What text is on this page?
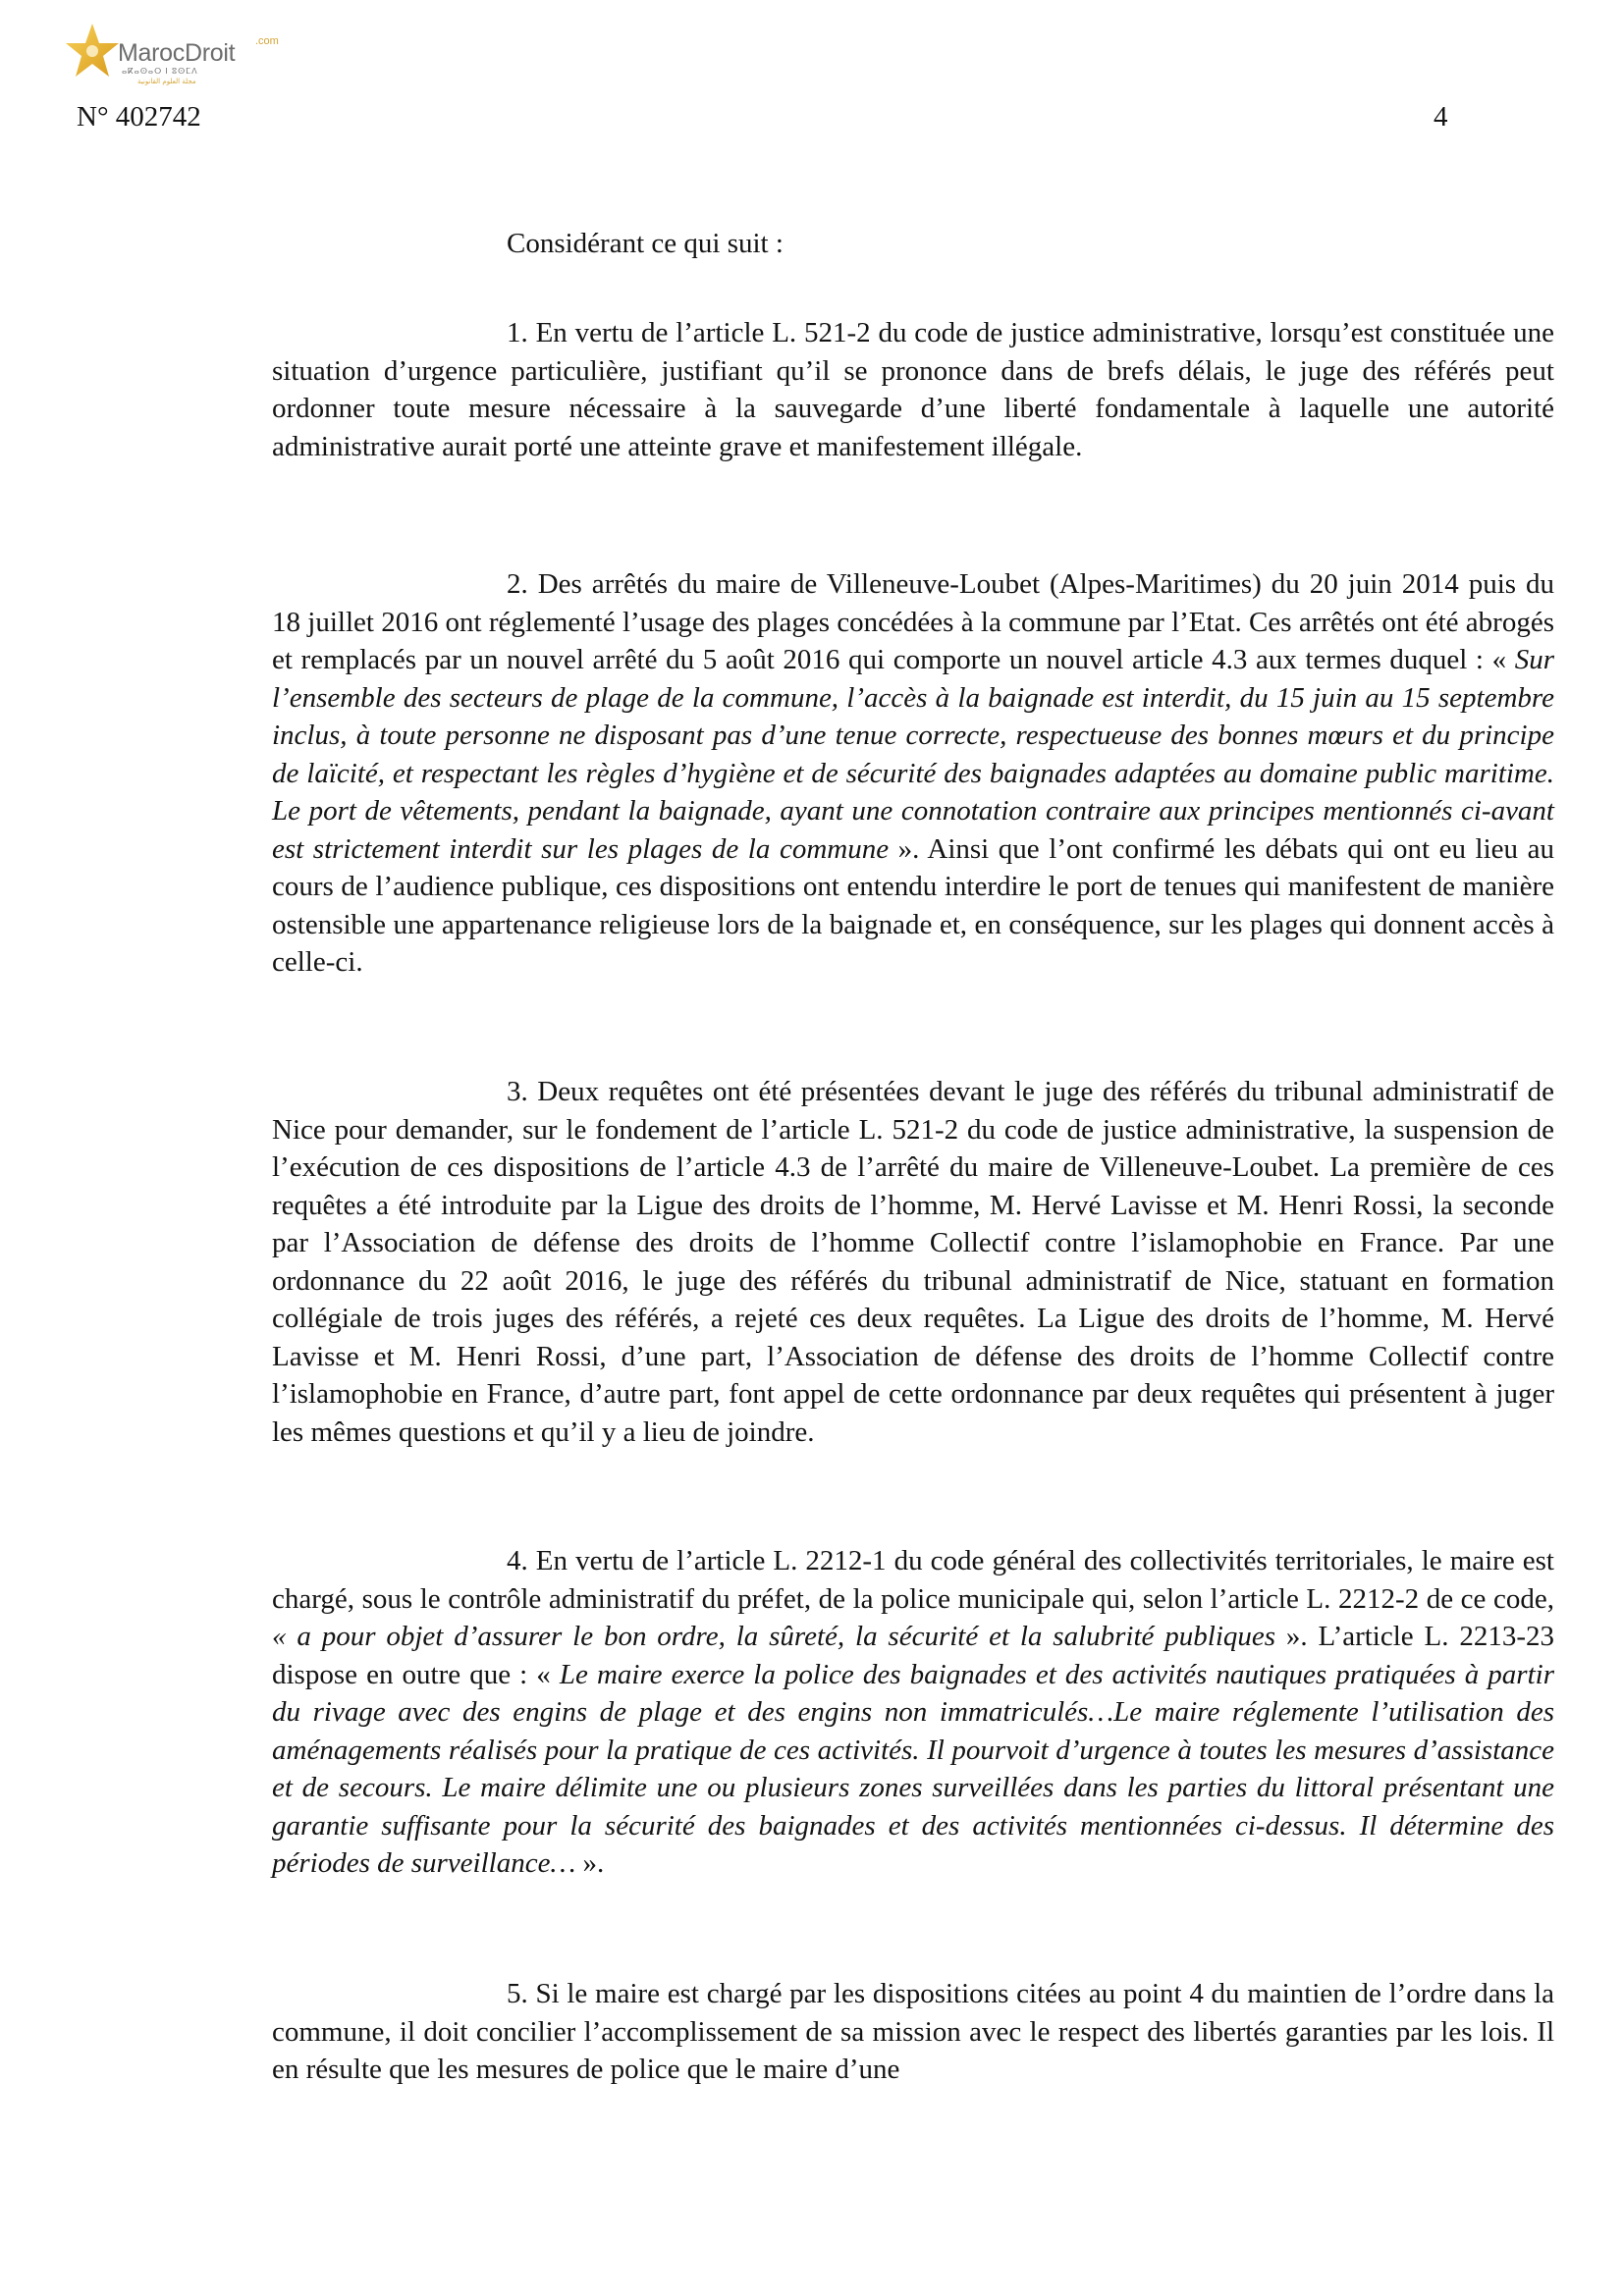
MarocDroit .com
ⴰⴽⴰⵙⴰⵔ ⵏ ⵓⵙⵎⴷ
مجلة العلوم القانونية
N° 402742	4
Considérant ce qui suit :

1. En vertu de l’article L. 521-2 du code de justice administrative, lorsqu’est constituée une situation d’urgence particulière, justifiant qu’il se prononce dans de brefs délais, le juge des référés peut ordonner toute mesure nécessaire à la sauvegarde d’une liberté fondamentale à laquelle une autorité administrative aurait porté une atteinte grave et manifestement illégale.

2. Des arrêtés du maire de Villeneuve-Loubet (Alpes-Maritimes) du 20 juin 2014 puis du 18 juillet 2016 ont réglementé l’usage des plages concédées à la commune par l’Etat. Ces arrêtés ont été abrogés et remplacés par un nouvel arrêté du 5 août 2016 qui comporte un nouvel article 4.3 aux termes duquel : « Sur l’ensemble des secteurs de plage de la commune, l’accès à la baignade est interdit, du 15 juin au 15 septembre inclus, à toute personne ne disposant pas d’une tenue correcte, respectueuse des bonnes mœurs et du principe de laïcité, et respectant les règles d’hygiène et de sécurité des baignades adaptées au domaine public maritime. Le port de vêtements, pendant la baignade, ayant une connotation contraire aux principes mentionnés ci-avant est strictement interdit sur les plages de la commune ». Ainsi que l’ont confirmé les débats qui ont eu lieu au cours de l’audience publique, ces dispositions ont entendu interdire le port de tenues qui manifestent de manière ostensible une appartenance religieuse lors de la baignade et, en conséquence, sur les plages qui donnent accès à celle-ci.

3. Deux requêtes ont été présentées devant le juge des référés du tribunal administratif de Nice pour demander, sur le fondement de l’article L. 521-2 du code de justice administrative, la suspension de l’exécution de ces dispositions de l’article 4.3 de l’arrêté du maire de Villeneuve-Loubet. La première de ces requêtes a été introduite par la Ligue des droits de l’homme, M. Hervé Lavisse et M. Henri Rossi, la seconde par l’Association de défense des droits de l’homme Collectif contre l’islamophobie en France. Par une ordonnance du 22 août 2016, le juge des référés du tribunal administratif de Nice, statuant en formation collégiale de trois juges des référés, a rejeté ces deux requêtes. La Ligue des droits de l’homme, M. Hervé Lavisse et M. Henri Rossi, d’une part, l’Association de défense des droits de l’homme Collectif contre l’islamophobie en France, d’autre part, font appel de cette ordonnance par deux requêtes qui présentent à juger les mêmes questions et qu’il y a lieu de joindre.

4. En vertu de l’article L. 2212-1 du code général des collectivités territoriales, le maire est chargé, sous le contrôle administratif du préfet, de la police municipale qui, selon l’article L. 2212-2 de ce code, « a pour objet d’assurer le bon ordre, la sûreté, la sécurité et la salubrité publiques ». L’article L. 2213-23 dispose en outre que : « Le maire exerce la police des baignades et des activités nautiques pratiquées à partir du rivage avec des engins de plage et des engins non immatriculés…Le maire réglemente l’utilisation des aménagements réalisés pour la pratique de ces activités. Il pourvoit d’urgence à toutes les mesures d’assistance et de secours. Le maire délimite une ou plusieurs zones surveillées dans les parties du littoral présentant une garantie suffisante pour la sécurité des baignades et des activités mentionnées ci-dessus. Il détermine des périodes de surveillance… ».

5. Si le maire est chargé par les dispositions citées au point 4 du maintien de l’ordre dans la commune, il doit concilier l’accomplissement de sa mission avec le respect des libertés garanties par les lois. Il en résulte que les mesures de police que le maire d’une
